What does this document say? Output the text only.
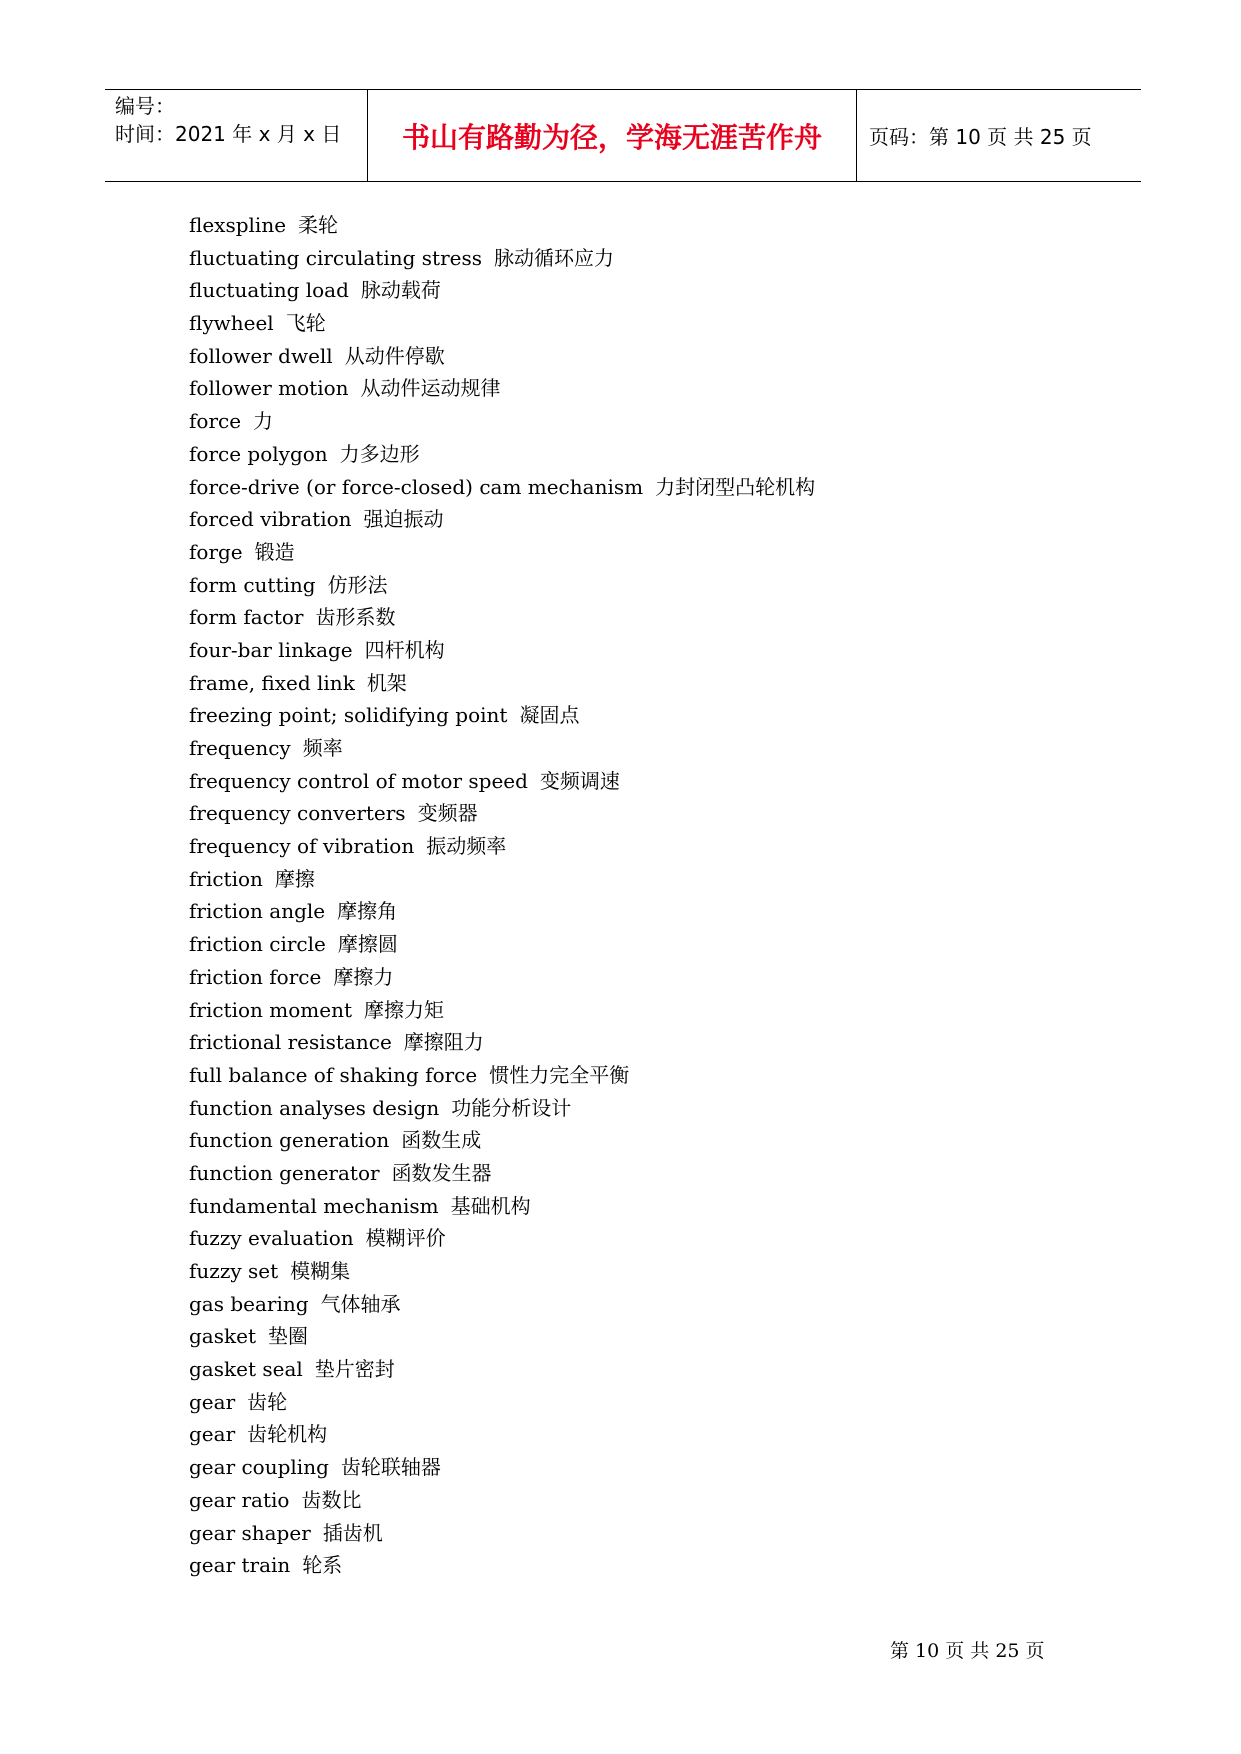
编号：
时间：2021 年 x 月 x 日	书山有路勤为径，学海无涯苦作舟	页码：第 10 页 共 25 页
flexspline 柔轮
fluctuating circulating stress 脉动循环应力
fluctuating load 脉动载荷
flywheel 飞轮
follower dwell 从动件停歇
follower motion 从动件运动规律
force 力
force polygon 力多边形
force-drive (or force-closed) cam mechanism 力封闭型凸轮机构
forced vibration 强迫振动
forge 锻造
form cutting 仿形法
form factor 齿形系数
four-bar linkage 四杆机构
frame, fixed link 机架
freezing point; solidifying point 凝固点
frequency 频率
frequency control of motor speed 变频调速
frequency converters 变频器
frequency of vibration 振动频率
friction 摩擦
friction angle 摩擦角
friction circle 摩擦圆
friction force 摩擦力
friction moment 摩擦力矩
frictional resistance 摩擦阻力
full balance of shaking force 惯性力完全平衡
function analyses design 功能分析设计
function generation 函数生成
function generator 函数发生器
fundamental mechanism 基础机构
fuzzy evaluation 模糊评价
fuzzy set 模糊集
gas bearing 气体轴承
gasket 垫圈
gasket seal 垫片密封
gear 齿轮
gear 齿轮机构
gear coupling 齿轮联轴器
gear ratio 齿数比
gear shaper 插齿机
gear train 轮系
第 10 页 共 25 页
